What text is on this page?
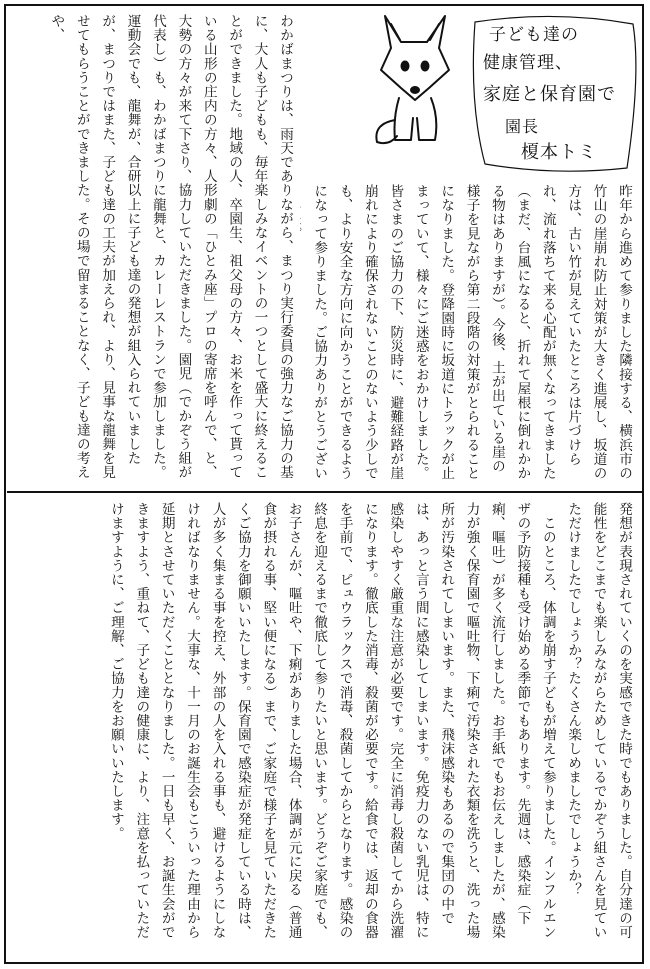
子ども達の
健康管理、
家庭と保育園で
園長
榎本トミ
昨年から進めて参りました隣接する、横浜市の竹山の崖崩れ防止対策が大きく進展し、坂道の方は、古い竹が見えていたところは片づけられ、流れ落ちて来る心配が無くなってきました（まだ、台風になると、折れて屋根に倒れかかる物はありますが）。今後、土が出ている崖の様子を見ながら第二段階の対策がとられることになりました。登降園時に坂道にトラックが止まっていて、様々にご迷惑をおかけしました。皆さまのご協力の下、防災時に、避難経路が崖崩れにより確保されないことのないよう少しでも、より安全な方向に向かうことができるようになって参りました。ご協力ありがとうござい
わかばまつりは、雨天でありながら、まつり実行委員の強力なご協力の基に、大人も子どもも、毎年楽しみなイベントの一つとして盛大に終えることができました。地域の人、卒園生、祖父母の方々、お米を作って貰っている山形の庄内の方々、人形劇の「ひとみ座」プロの寄席を呼んで、と、大勢の方々が来て下さり、協力していただきました。園児（でかぞう組が代表し）も、わかばまつりに龍舞と、カレーレストランで参加しました。運動会でも、龍舞が、合研以上に子ども達の発想が組入られていましたが、まつりではまた、子ども達の工夫が加えられ、より、見事な龍舞を見せてもらうことができました。その場で留まることなく、子ども達の考えや、
発想が表現されていくのを実感できた時でもありました。自分達の可能性をどこまでも楽しみながらためしているでかぞう組さんを見ていただけましたでしょうか？たくさん楽しめましたでしょうか？
　このところ、体調を崩す子どもが増えて参りました。インフルエンザの予防接種も受け始める季節でもあります。先週は、感染症（下痢、嘔吐）が多く流行しました。お手紙でもお伝えしましたが、感染力が強く保育園で嘔吐物、下痢で汚染された衣類を洗うと、洗った場所が汚染されてしまいます。また、飛沫感染もあるので集団の中では、あっと言う間に感染してしまいます。免疫力のない乳児は、特に感染しやすく厳重な注意が必要です。完全に消毒し殺菌してから洗濯になります。徹底した消毒、殺菌が必要です。給食では、返却の食器を手前で、ピュウラックスで消毒、殺菌してからとなります。感染の終息を迎えるまで徹底して参りたいと思います。どうぞご家庭でも、お子さんが、嘔吐や、下痢がありました場合、体調が元に戻る（普通食が摂れる事、堅い便になる）まで、ご家庭で様子を見ていただきたくご協力を御願いいたします。保育園で感染症が発症している時は、人が多く集まる事を控え、外部の人を入れる事も、避けるようにしなければなりません。大事な、十一月のお誕生会もこういった理由から延期とさせていただくこととなりました。一日も早く、お誕生会ができますよう、重ねて、子ども達の健康に、より、注意を払っていただけますように、ご理解、ご協力をお願いいたします。
